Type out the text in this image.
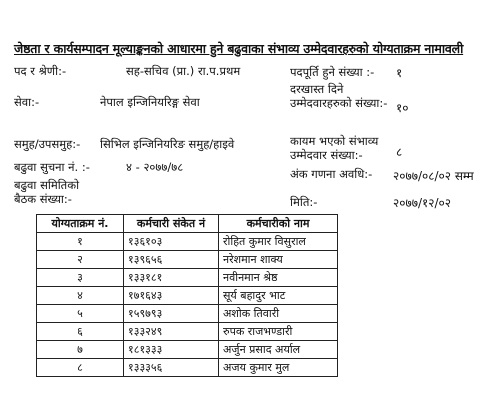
जेष्ठता र कार्यसम्पादन मूल्याङ्कनको आधारमा हुने बढुवाका संभाव्य उम्मेदवारहरुको योग्यताक्रम नामावली
पद र श्रेणी:-	सह-सचिव (प्रा.) रा.प.प्रथम
सेवा:-	नेपाल इन्जिनियरिङ्ग सेवा
समुह/उपसमुह:- सिभिल इन्जिनियरिङ समुह/हाइवे
बढुवा सुचना नं. :-	४ - २०७७/७८
बढुवा समितिको बैठक संख्या:-
पदपूर्ति हुने संख्या :- १
दरखास्त दिने उम्मेदवारहरुको संख्या:- १०
कायम भएको संभाव्य उम्मेदवार संख्या:-	८
अंक गणना अवधि:- २०७७/०८/०२ सम्म
मिति:-	२०७७/१२/०२
योग्यताक्रम नं.	कर्मचारी संकेत नं	कर्मचारीको नाम
१	१३६१०३	रोहित कुमार विसुराल
२	१३९६५६	नरेशमान शाक्य
३	१३३१८१	नवीनमान श्रेष्ठ
४	१७१६४३	सूर्य बहादुर भाट
५	१५९७९३	अशोक तिवारी
६	१३३२४९	रुपक राजभण्डारी
७	१८१३३३	अर्जुन प्रसाद अर्याल
८	१३३३५६	अजय कुमार मुल
